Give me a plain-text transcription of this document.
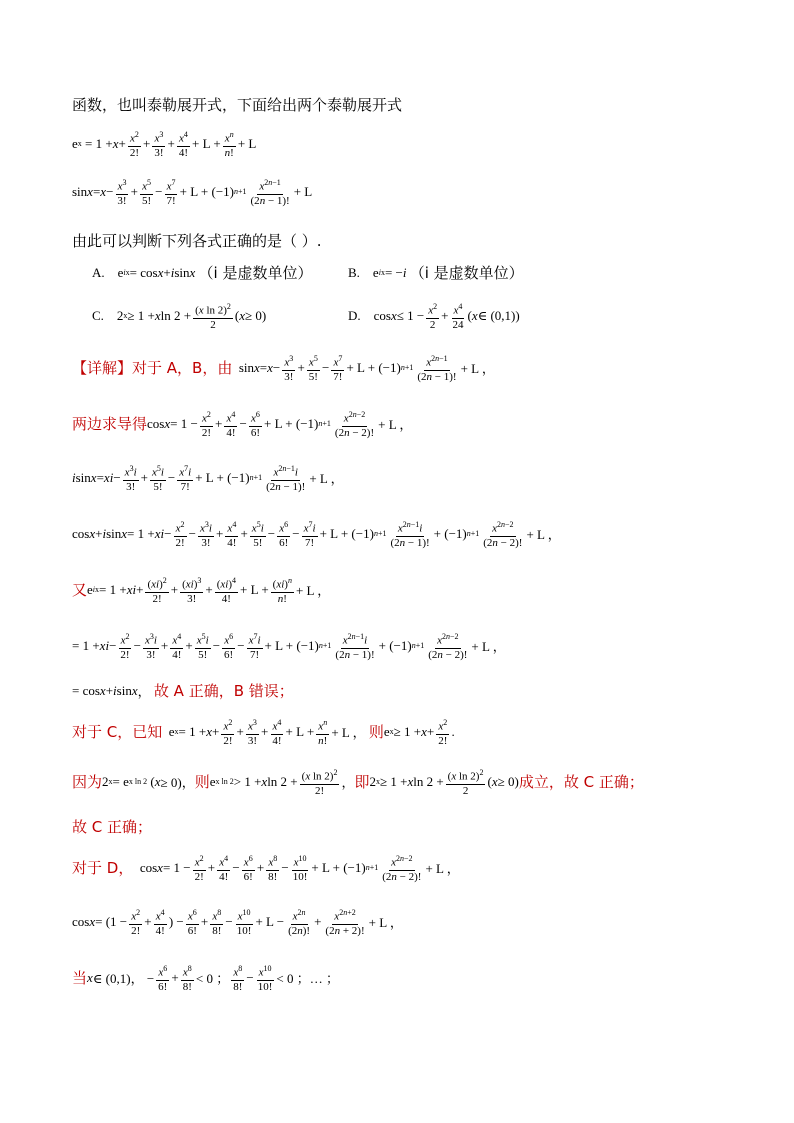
函数，也叫泰勒展开式，下面给出两个泰勒展开式
e $x = 1 + x + \frac{x^2}{2!} + \frac{x^3}{3!} + \frac{x^4}{4!} + L + \frac{x^n}{n!} + L$
$\sin x = x - \frac{x^3}{3!} + \frac{x^5}{5!} - \frac{x^7}{7!} + L + (-1)$ $n+1 \frac{x^{2n-1}}{(2n - 1)!} + L$
由此可以判断下列各式正确的是（ ）.
A. e ix = cos x + i sin x
（i 是虚数单位）	B. e ix = − i
（i 是虚数单位）
C. 2 x ≥ 1 + x $\ln 2 + \frac{(x \ln 2)^2}{2}$ ( x ≥ 0)	D. $\cos x \le 1 - \frac{x^2}{2} + \frac{x^4}{24}$ ( x ∈ (0,1))
【详解】 对于 A，B，由 $\sin x = x - \frac{x^3}{3!} + \frac{x^5}{5!} - \frac{x^7}{7!} + L + (-1)$ $n+1 \frac{x^{2n-1}}{(2n - 1)!} + L$ ，
两边求导得 $\cos x = 1 - \frac{x^2}{2!} + \frac{x^4}{4!} - \frac{x^6}{6!} + L + (-1)$ $n+1 \frac{x^{2n-2}}{(2n - 2)!} + L$ ，
i sin x = x $i - \frac{x^3i}{3!} + \frac{x^5i}{5!} - \frac{x^7i}{7!} + L + (-1)$ $n+1 \frac{x^{2n-1}i}{(2n - 1)!} + L$ ，
cos x + i sin x = 1 + x $i - \frac{x^2}{2!} - \frac{x^3i}{3!} + \frac{x^4}{4!} + \frac{x^5i}{5!} - \frac{x^6}{6!} - \frac{x^7i}{7!} + L + (-1)$ $n+1 \frac{x^{2n-1}i}{(2n - 1)!} + (-1)$ $n+1 \frac{x^{2n-2}}{(2n - 2)!} + L$ ，
又 e ix = 1 + x $i + \frac{(xi)^2}{2!} + \frac{(xi)^3}{3!} + \frac{(xi)^4}{4!} + L + \frac{(xi)^n}{n!} + L$ ，
= 1 + x $i - \frac{x^2}{2!} - \frac{x^3i}{3!} + \frac{x^4}{4!} + \frac{x^5i}{5!} - \frac{x^6}{6!} - \frac{x^7i}{7!} + L + (-1)$ $n+1 \frac{x^{2n-1}i}{(2n - 1)!} + (-1)$ $n+1 \frac{x^{2n-2}}{(2n - 2)!} + L$ ，
= cos x + i sin x ， 故 A 正确，B 错误；
对于 C，已知 e $x = 1 + x + \frac{x^2}{2!} + \frac{x^3}{3!} + \frac{x^4}{4!} + L + \frac{x^n}{n!} + L$ ， 则 e $x \ge 1 + x + \frac{x^2}{2!}$ .
因为 2 x = e x ln 2 ( x ≥ 0)， 则 e x ln 2 > 1 + x $\ln 2 + \frac{(x \ln 2)^2}{2!}$ ， 即 2 x ≥ 1 + x $\ln 2 + \frac{(x \ln 2)^2}{2}$ ( x ≥ 0) 成立，故 C 正确；
故 C 正确；
对于 D， $\cos x = 1 - \frac{x^2}{2!} + \frac{x^4}{4!} - \frac{x^6}{6!} + \frac{x^8}{8!} - \frac{x^{10}}{10!} + L + (-1)$ $n+1 \frac{x^{2n-2}}{(2n - 2)!} + L$ ，
$\cos x = (1 - \frac{x^2}{2!} + \frac{x^4}{4!}$ ) − $\frac{x^6}{6!} + \frac{x^8}{8!} - \frac{x^{10}}{10!} + L - \frac{x^{2n}}{(2n)!} + \frac{x^{2n+2}}{(2n + 2)!} + L$ ，
当 x ∈ (0,1)， − $\frac{x^6}{6!} + \frac{x^8}{8!} < 0$ ； $\frac{x^8}{8!} - \frac{x^{10}}{10!} < 0$ ；… ；
